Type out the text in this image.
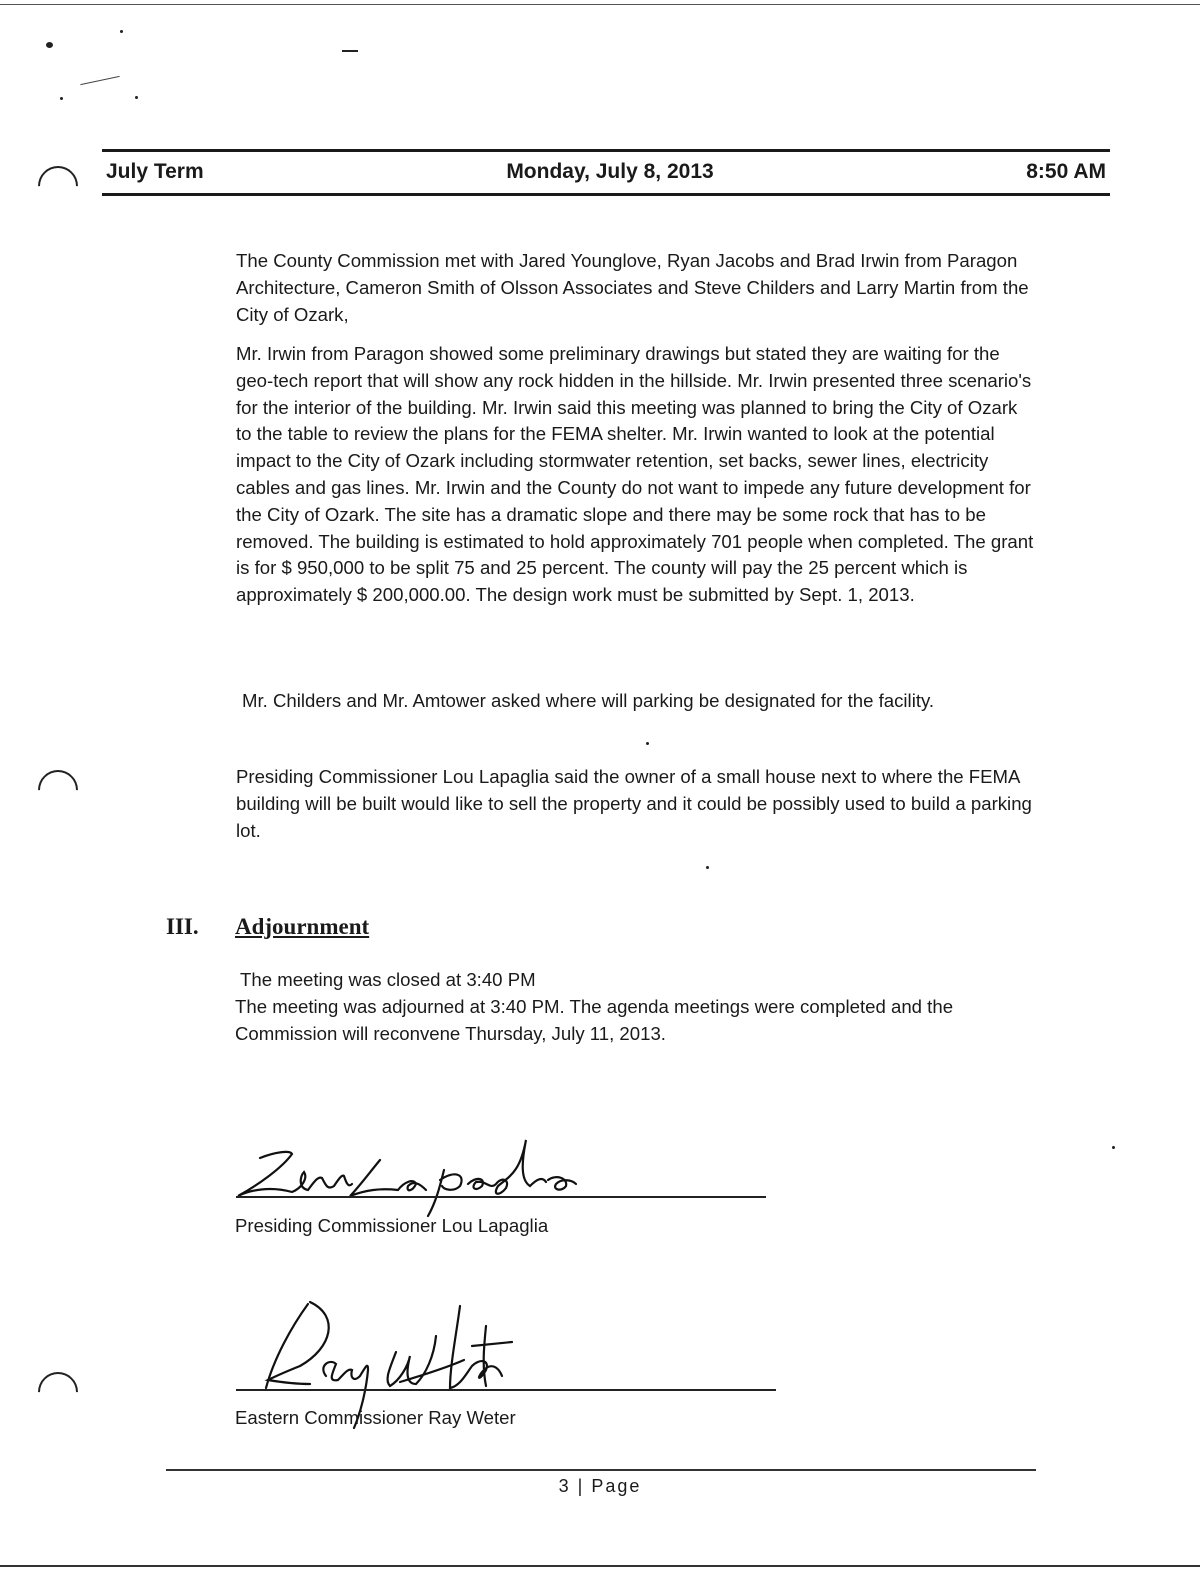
July Term	Monday, July 8, 2013	8:50 AM

The County Commission met with Jared Younglove, Ryan Jacobs and Brad Irwin from Paragon Architecture, Cameron Smith of Olsson Associates and Steve Childers and Larry Martin from the City of Ozark,

Mr. Irwin from Paragon showed some preliminary drawings but stated they are waiting for the geo-tech report that will show any rock hidden in the hillside. Mr. Irwin presented three scenario's for the interior of the building. Mr. Irwin said this meeting was planned to bring the City of Ozark to the table to review the plans for the FEMA shelter. Mr. Irwin wanted to look at the potential impact to the City of Ozark including stormwater retention, set backs, sewer lines, electricity cables and gas lines. Mr. Irwin and the County do not want to impede any future development for the City of Ozark. The site has a dramatic slope and there may be some rock that has to be removed. The building is estimated to hold approximately 701 people when completed. The grant is for $ 950,000 to be split 75 and 25 percent. The county will pay the 25 percent which is approximately $ 200,000.00. The design work must be submitted by Sept. 1, 2013.

Mr. Childers and Mr. Amtower asked where will parking be designated for the facility.

Presiding Commissioner Lou Lapaglia said the owner of a small house next to where the FEMA building will be built would like to sell the property and it could be possibly used to build a parking lot.

III. Adjournment

The meeting was closed at 3:40 PM

The meeting was adjourned at 3:40 PM. The agenda meetings were completed and the Commission will reconvene Thursday, July 11, 2013.

Presiding Commissioner Lou Lapaglia
Eastern Commissioner Ray Weter
3 | Page
